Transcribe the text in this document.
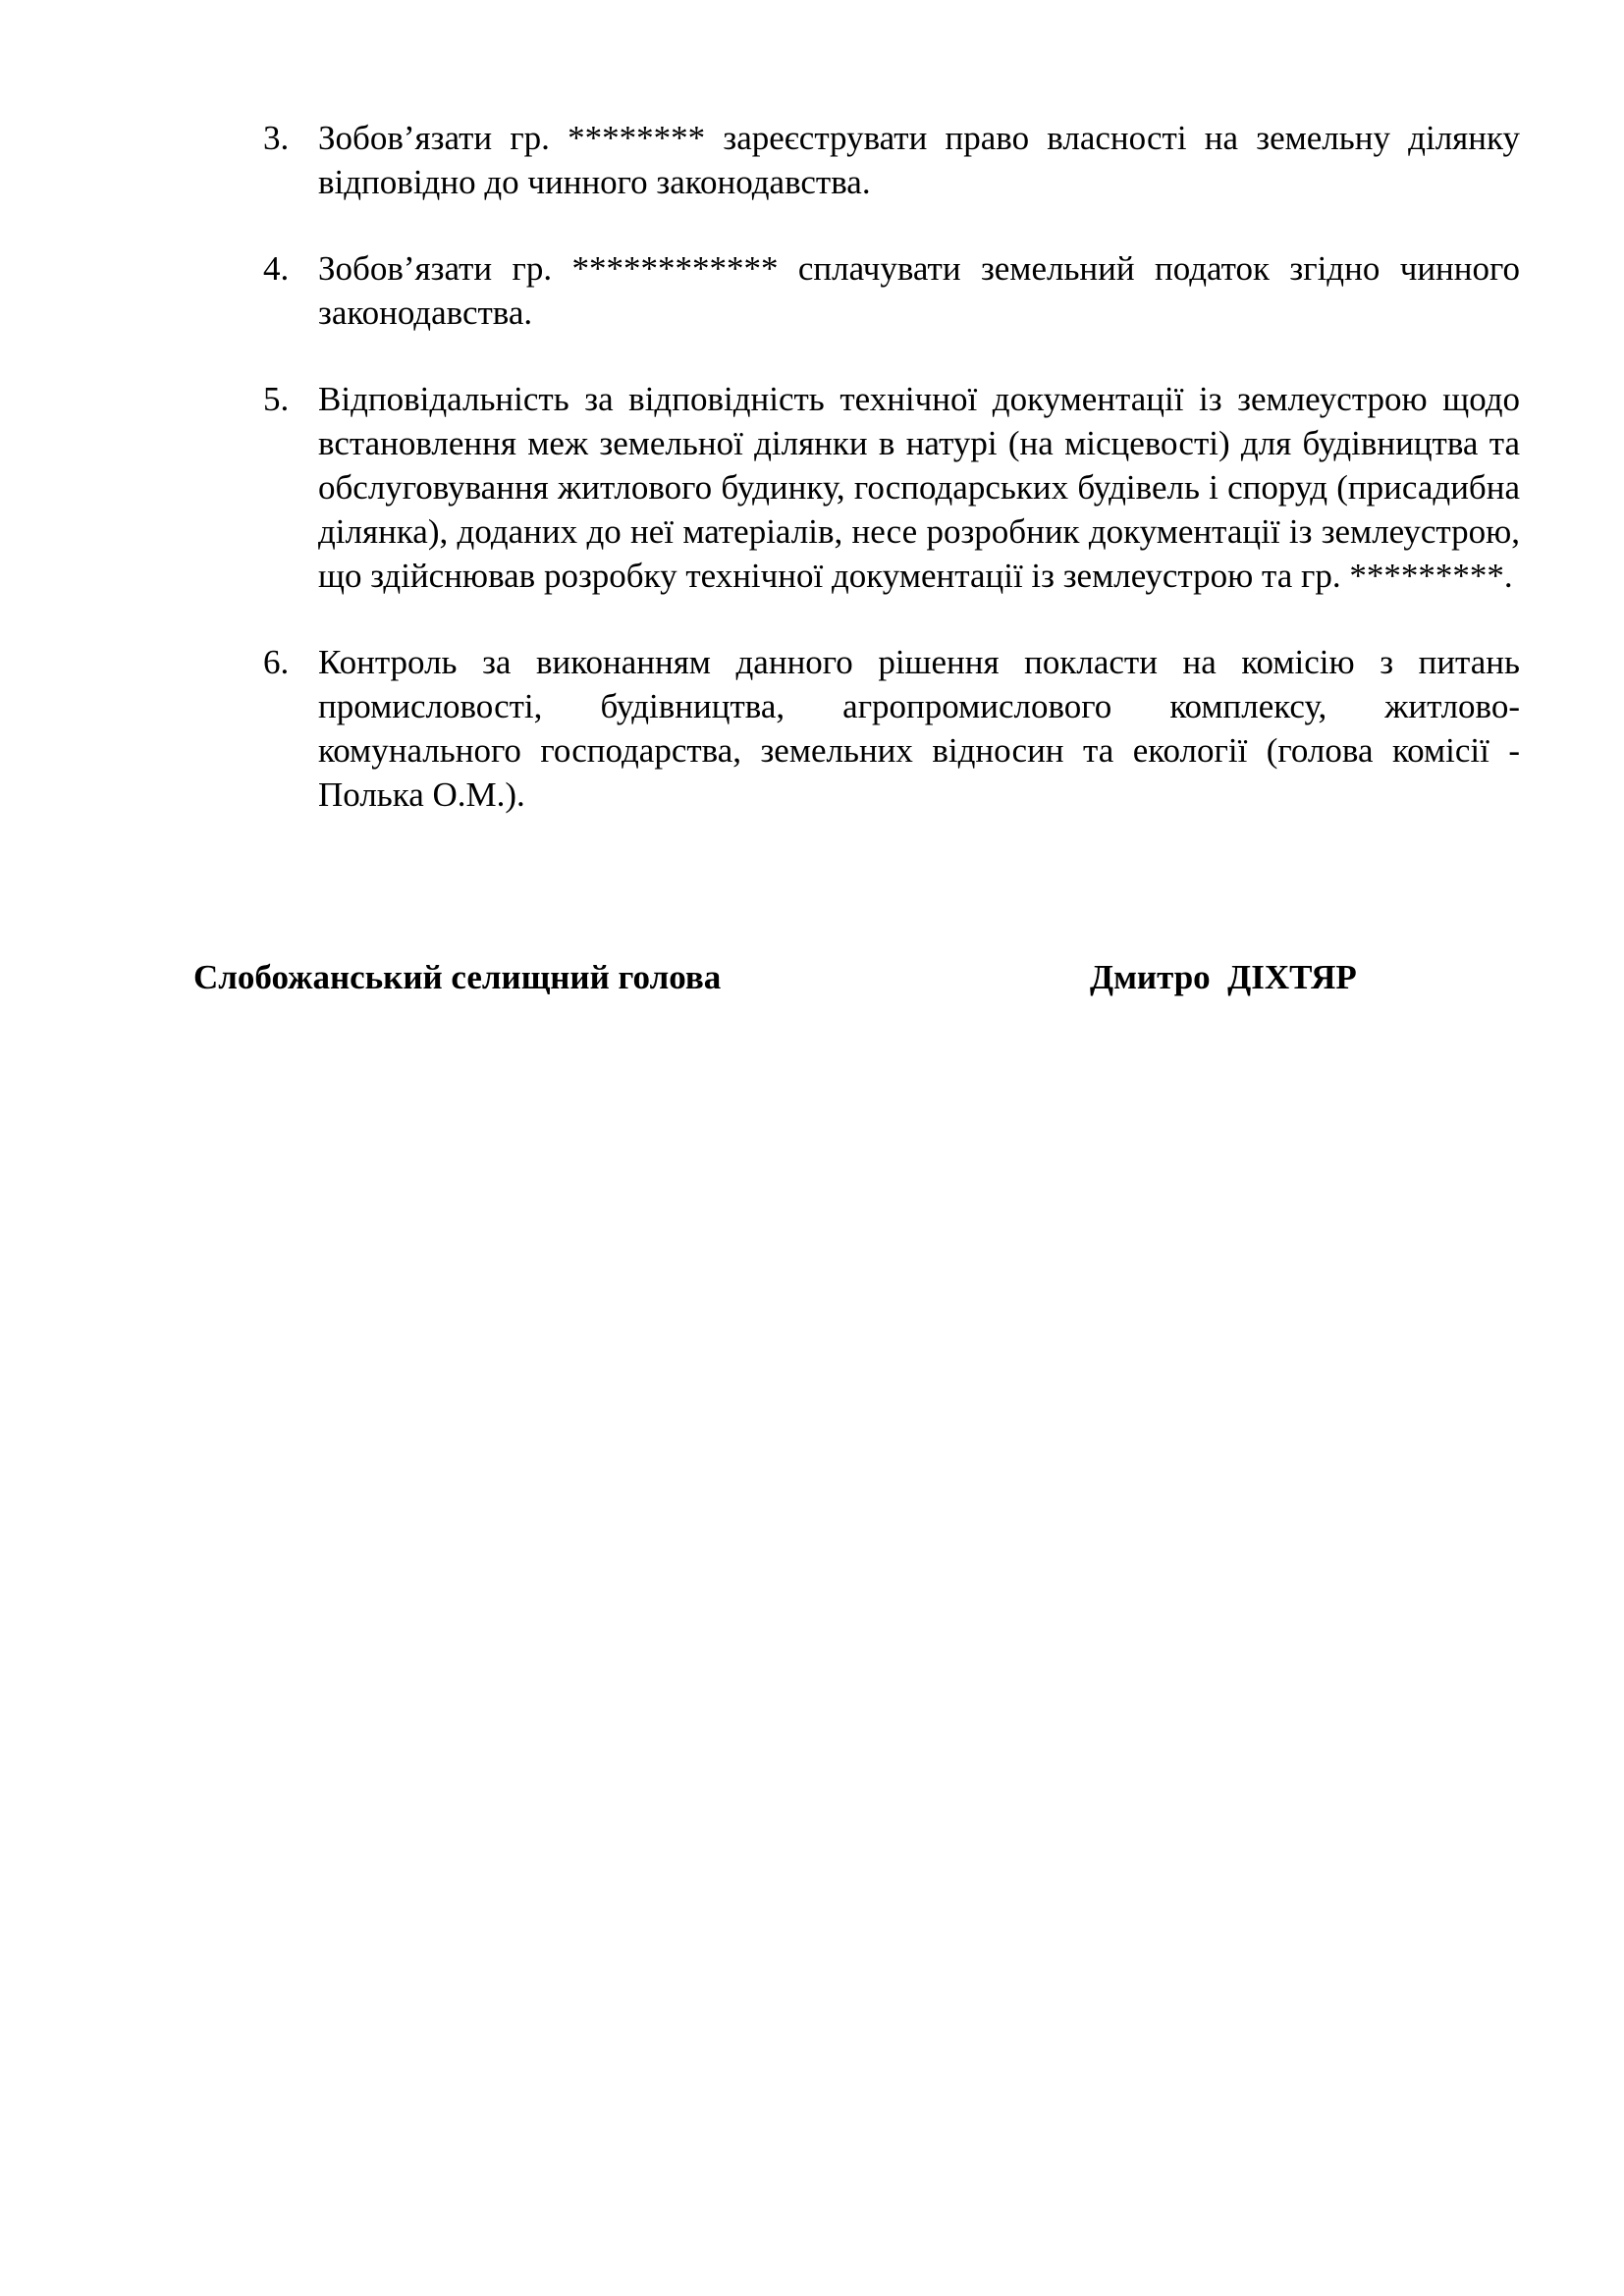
3. Зобов’язати гр. ******** зареєструвати право власності на земельну ділянку відповідно до чинного законодавства.
4. Зобов’язати гр. ************ сплачувати земельний податок згідно чинного законодавства.
5. Відповідальність за відповідність технічної документації із землеустрою щодо встановлення меж земельної ділянки в натурі (на місцевості) для будівництва та обслуговування житлового будинку, господарських будівель і споруд (присадибна ділянка), доданих до неї матеріалів, несе розробник документації із землеустрою, що здійснював розробку технічної документації із землеустрою та гр. *********.
6. Контроль за виконанням данного рішення покласти на комісію з питань промисловості, будівництва, агропромислового комплексу, житлово-комунального господарства, земельних відносин та екології (голова комісії - Полька О.М.).
Слобожанський селищний голова	Дмитро  ДІХТЯР
